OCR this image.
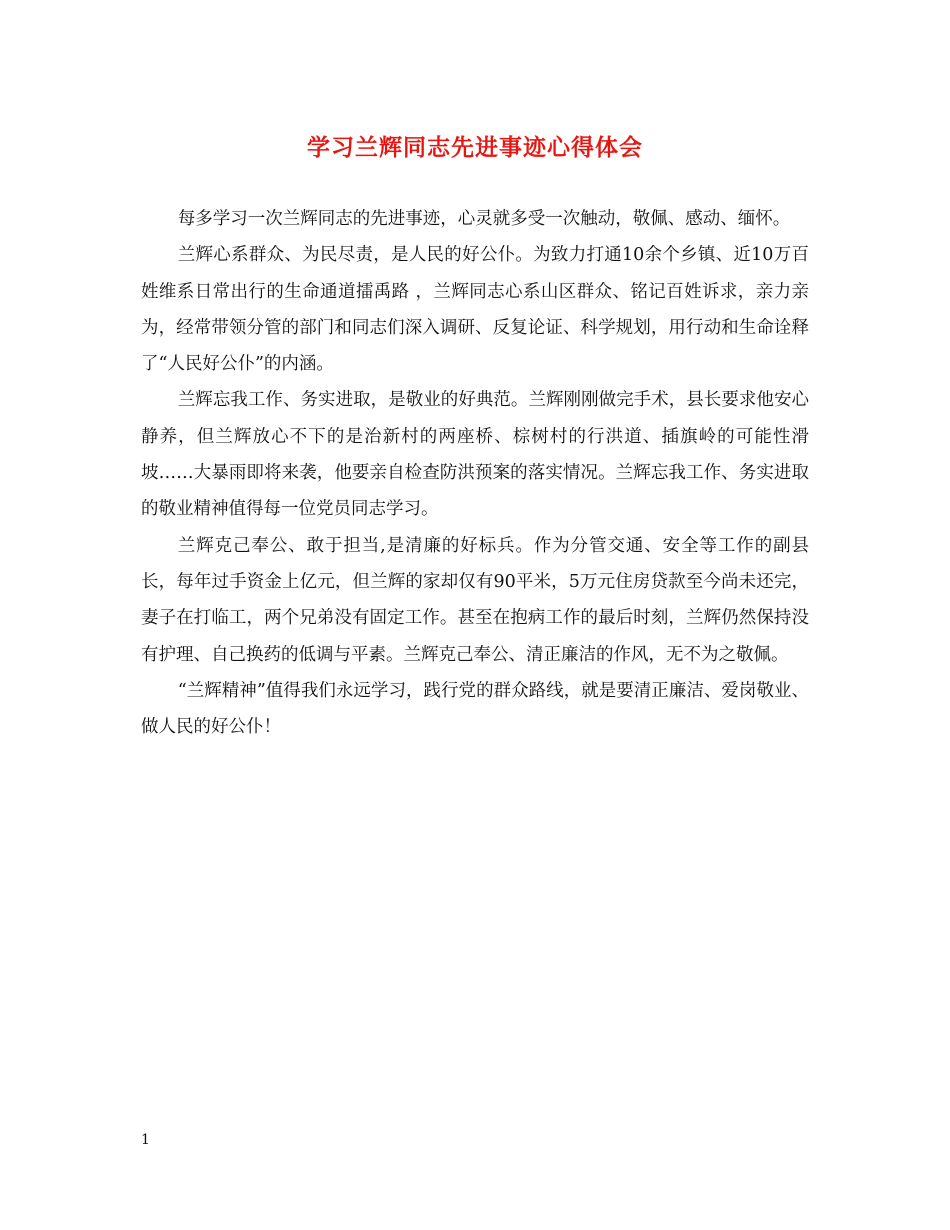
学习兰辉同志先进事迹心得体会

每多学习一次兰辉同志的先进事迹，心灵就多受一次触动，敬佩、感动、缅怀。

兰辉心系群众、为民尽责，是人民的好公仆。为致力打通10余个乡镇、近10万百姓维系日常出行的生命通道擂禹路 ，兰辉同志心系山区群众、铭记百姓诉求，亲力亲为，经常带领分管的部门和同志们深入调研、反复论证、科学规划，用行动和生命诠释了“人民好公仆”的内涵。

兰辉忘我工作、务实进取，是敬业的好典范。兰辉刚刚做完手术，县长要求他安心静养，但兰辉放心不下的是治新村的两座桥、棕树村的行洪道、插旗岭的可能性滑坡……大暴雨即将来袭，他要亲自检查防洪预案的落实情况。兰辉忘我工作、务实进取的敬业精神值得每一位党员同志学习。

兰辉克己奉公、敢于担当,是清廉的好标兵。作为分管交通、安全等工作的副县长，每年过手资金上亿元，但兰辉的家却仅有90平米，5万元住房贷款至今尚未还完，妻子在打临工，两个兄弟没有固定工作。甚至在抱病工作的最后时刻，兰辉仍然保持没有护理、自己换药的低调与平素。兰辉克己奉公、清正廉洁的作风，无不为之敬佩。

“兰辉精神”值得我们永远学习，践行党的群众路线，就是要清正廉洁、爱岗敬业、做人民的好公仆！

1
